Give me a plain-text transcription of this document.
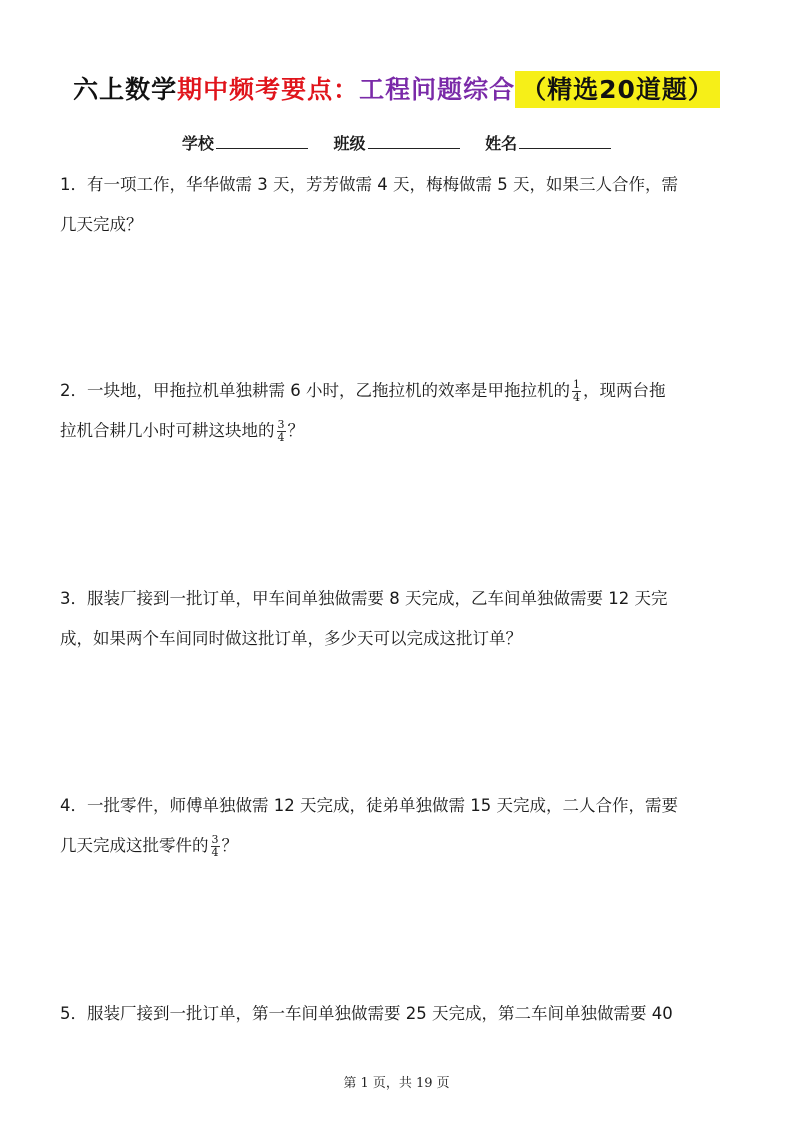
六上数学期中频考要点：工程问题综合 （精选20道题）
学校	班级	姓名
1．有一项工作，华华做需 3 天，芳芳做需 4 天，梅梅做需 5 天，如果三人合作，需
几天完成？
2．一块地，甲拖拉机单独耕需 6 小时，乙拖拉机的效率是甲拖拉机的 $\frac{1}{4}$ ，现两台拖
拉机合耕几小时可耕这块地的 $\frac{3}{4}$ ？
3．服装厂接到一批订单，甲车间单独做需要 8 天完成，乙车间单独做需要 12 天完
成，如果两个车间同时做这批订单，多少天可以完成这批订单？
4．一批零件，师傅单独做需 12 天完成，徒弟单独做需 15 天完成，二人合作，需要
几天完成这批零件的 $\frac{3}{4}$ ？
5．服装厂接到一批订单，第一车间单独做需要 25 天完成，第二车间单独做需要 40
第 1 页，共 19 页
